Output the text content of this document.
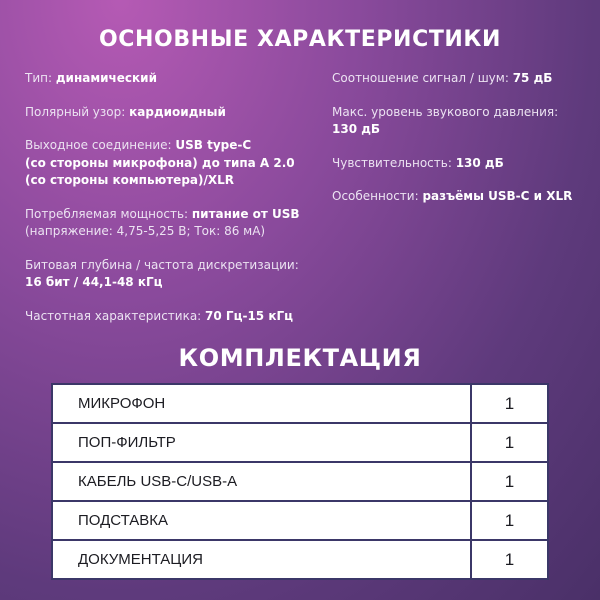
ОСНОВНЫЕ ХАРАКТЕРИСТИКИ
Тип: динамический
Полярный узор: кардиоидный
Выходное соединение: USB type-C
(со стороны микрофона) до типа А 2.0
(со стороны компьютера)/XLR
Потребляемая мощность: питание от USB
(напряжение: 4,75-5,25 В; Ток: 86 мА)
Битовая глубина / частота дискретизации:
16 бит / 44,1-48 кГц
Частотная характеристика: 70 Гц-15 кГц
Соотношение сигнал / шум: 75 дБ
Макс. уровень звукового давления:
130 дБ
Чувствительность: 130 дБ
Особенности: разъёмы USB-C и XLR
КОМПЛЕКТАЦИЯ
МИКРОФОН	1
ПОП-ФИЛЬТР	1
КАБЕЛЬ USB-C/USB-A	1
ПОДСТАВКА	1
ДОКУМЕНТАЦИЯ	1
